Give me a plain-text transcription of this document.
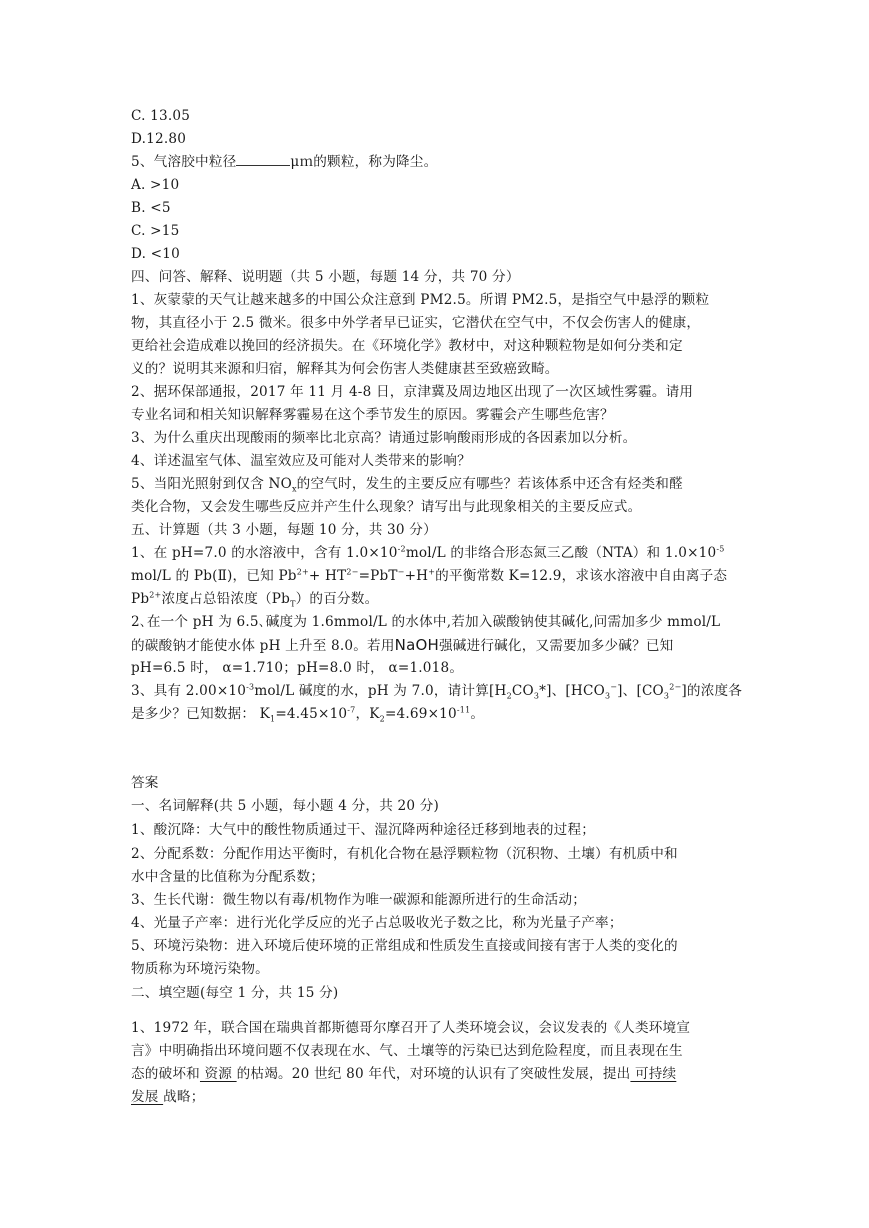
C. 13.05
D.12.80
5、气溶胶中粒径	μｍ的颗粒，称为降尘。
A. >10
B. <5
C. >15
D. <10
四、问答、解释、说明题（共 5 小题，每题 14 分，共 70 分）
1、灰蒙蒙的天气让越来越多的中国公众注意到 PM2.5。所谓 PM2.5，是指空气中悬浮的颗粒
物，其直径小于 2.5 微米。很多中外学者早已证实，它潜伏在空气中，不仅会伤害人的健康，
更给社会造成难以挽回的经济损失。在《环境化学》教材中，对这种颗粒物是如何分类和定
义的？说明其来源和归宿，解释其为何会伤害人类健康甚至致癌致畸。
2、据环保部通报，2017 年 11 月 4-8 日，京津冀及周边地区出现了一次区域性雾霾。请用
专业名词和相关知识解释雾霾易在这个季节发生的原因。雾霾会产生哪些危害？
3、为什么重庆出现酸雨的频率比北京高？请通过影响酸雨形成的各因素加以分析。
4、详述温室气体、温室效应及可能对人类带来的影响？
5、当阳光照射到仅含 $NO_x$的空气时，发生的主要反应有哪些？若该体系中还含有烃类和醛
类化合物，又会发生哪些反应并产生什么现象？请写出与此现象相关的主要反应式。
五、计算题（共 3 小题，每题 10 分，共 30 分）
1、在 pH=7.0 的水溶液中，含有 $1.0\times 10^{-2}mol/L$ 的非络合形态氮三乙酸（NTA）和 $1.0\times 10^{-5}$
mol/L 的 Pb(Ⅱ)，已知 $Pb^{2+}+ HT^{2-}=PbT^-+H^+$的平衡常数 K=12.9，求该水溶液中自由离子态
$Pb^{2+}$浓度占总铅浓度$(Pb_T)$的百分数。
2､在一个 pH 为 6.5､碱度为 1.6mmol/L 的水体中,若加入碳酸钠使其碱化,问需加多少 mmol/L
的碳酸钠才能使水体 pH 上升至 8.0。若用NaOH强碱进行碱化，又需要加多少碱？已知
pH=6.5 时， α=1.710；pH=8.0 时， α=1.018。
3、具有 $2.00\times 10^{-3}mol/L$ 碱度的水，pH 为 7.0，请计算$[H_2CO_3*]$、$[HCO_3^-]$、$[CO_3^{2-}]$的浓度各
是多少？已知数据： $K_1=4.45\times 10^{-7}$，$K_2=4.69\times 10^{-11}$。
答案
一、名词解释(共 5 小题，每小题 4 分，共 20 分)
1、酸沉降：大气中的酸性物质通过干、湿沉降两种途径迁移到地表的过程；
2、分配系数：分配作用达平衡时，有机化合物在悬浮颗粒物（沉积物、土壤）有机质中和
水中含量的比值称为分配系数；
3、生长代谢：微生物以有毒/机物作为唯一碳源和能源所进行的生命活动；
4、光量子产率：进行光化学反应的光子占总吸收光子数之比，称为光量子产率；
5、环境污染物：进入环境后使环境的正常组成和性质发生直接或间接有害于人类的变化的
物质称为环境污染物。
二、填空题(每空 1 分，共 15 分)
1、1972 年，联合国在瑞典首都斯德哥尔摩召开了人类环境会议，会议发表的《人类环境宣
言》中明确指出环境问题不仅表现在水、气、土壤等的污染已达到危险程度，而且表现在生
态的破坏和 资源 的枯竭。20 世纪 80 年代，对环境的认识有了突破性发展，提出 可持续
发展 战略；
